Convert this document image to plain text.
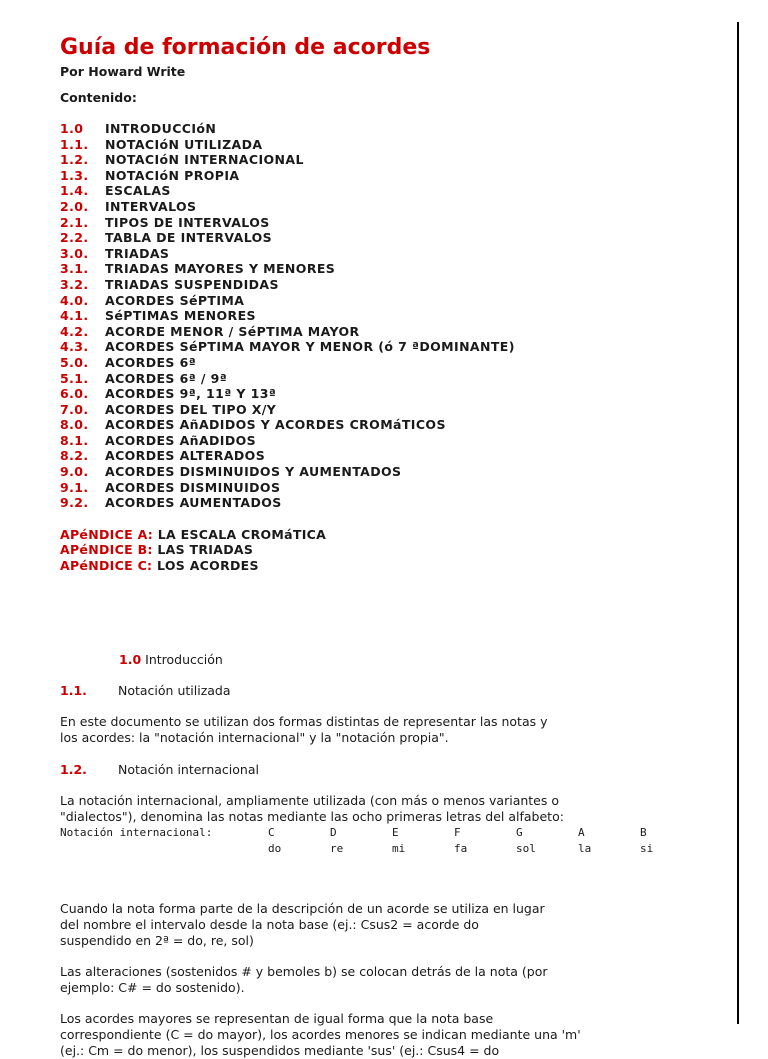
Guía de formación de acordes
Por Howard Write
Contenido:
1.0 INTRODUCCIóN
1.1. NOTACIóN UTILIZADA
1.2. NOTACIóN INTERNACIONAL
1.3. NOTACIóN PROPIA
1.4. ESCALAS
2.0. INTERVALOS
2.1. TIPOS DE INTERVALOS
2.2. TABLA DE INTERVALOS
3.0. TRIADAS
3.1. TRIADAS MAYORES Y MENORES
3.2. TRIADAS SUSPENDIDAS
4.0. ACORDES SéPTIMA
4.1. SéPTIMAS MENORES
4.2. ACORDE MENOR / SéPTIMA MAYOR
4.3. ACORDES SéPTIMA MAYOR Y MENOR (ó 7 ªDOMINANTE)
5.0. ACORDES 6ª
5.1. ACORDES 6ª / 9ª
6.0. ACORDES 9ª, 11ª Y 13ª
7.0. ACORDES DEL TIPO X/Y
8.0. ACORDES AñADIDOS Y ACORDES CROMáTICOS
8.1. ACORDES AñADIDOS
8.2. ACORDES ALTERADOS
9.0. ACORDES DISMINUIDOS Y AUMENTADOS
9.1. ACORDES DISMINUIDOS
9.2. ACORDES AUMENTADOS
APéNDICE A: LA ESCALA CROMáTICA
APéNDICE B: LAS TRIADAS
APéNDICE C: LOS ACORDES
1.0 Introducción
1.1. Notación utilizada
En este documento se utilizan dos formas distintas de representar las notas y los acordes: la "notación internacional" y la "notación propia".
1.2. Notación internacional
La notación internacional, ampliamente utilizada (con más o menos variantes o "dialectos"), denomina las notas mediante las ocho primeras letras del alfabeto:
Notación internacional:	C
do
D
re
E
mi
F
fa
G
sol
A
la
B
si
Cuando la nota forma parte de la descripción de un acorde se utiliza en lugar del nombre el intervalo desde la nota base (ej.: Csus2 = acorde do suspendido en 2ª = do, re, sol)
Las alteraciones (sostenidos # y bemoles b) se colocan detrás de la nota (por ejemplo: C# = do sostenido).
Los acordes mayores se representan de igual forma que la nota base correspondiente (C = do mayor), los acordes menores se indican mediante una 'm' (ej.: Cm = do menor), los suspendidos mediante 'sus' (ej.: Csus4 = do
